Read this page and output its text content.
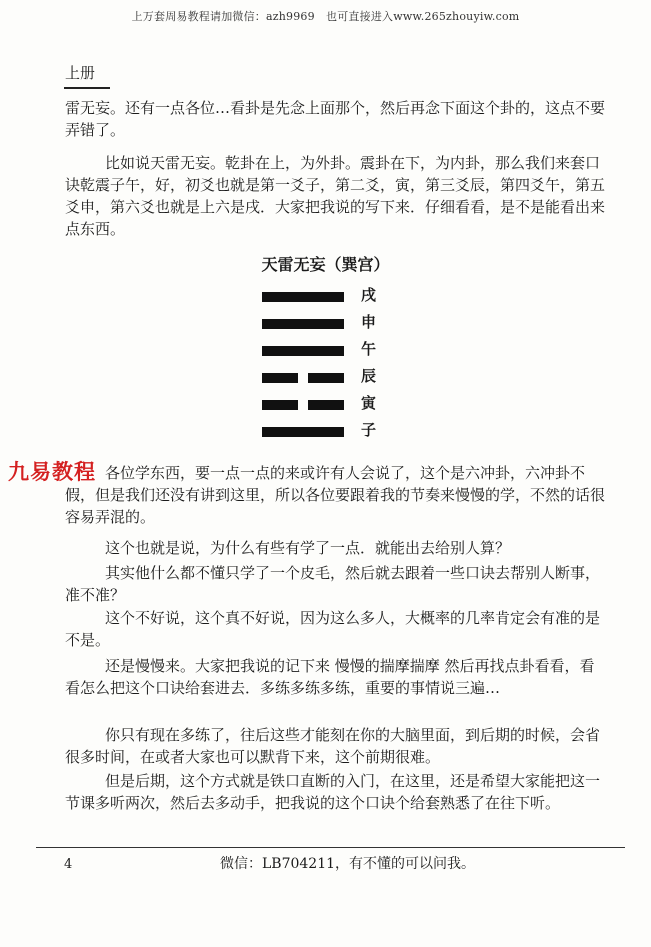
上万套周易教程请加微信：azh9969　也可直接进入www.265zhouyiw.com
上册

雷无妄。还有一点各位…看卦是先念上面那个，然后再念下面这个卦的，这点不要弄错了。

比如说天雷无妄。乾卦在上，为外卦。震卦在下，为内卦，那么我们来套口诀乾震子午，好，初爻也就是第一爻子，第二爻，寅，第三爻辰，第四爻午，第五爻申，第六爻也就是上六是戌．大家把我说的写下来．仔细看看，是不是能看出来点东西。

天雷无妄（巽宫）
戌
申
午
辰
寅
子

各位学东西，要一点一点的来或许有人会说了，这个是六冲卦，六冲卦不假，但是我们还没有讲到这里，所以各位要跟着我的节奏来慢慢的学，不然的话很容易弄混的。

九易教程

这个也就是说，为什么有些有学了一点．就能出去给别人算？

其实他什么都不懂只学了一个皮毛，然后就去跟着一些口诀去帮别人断事，准不准？

这个不好说，这个真不好说，因为这么多人，大概率的几率肯定会有准的是不是。

还是慢慢来。大家把我说的记下来 慢慢的揣摩揣摩 然后再找点卦看看，看看怎么把这个口诀给套进去．多练多练多练，重要的事情说三遍…

你只有现在多练了，往后这些才能刻在你的大脑里面，到后期的时候，会省很多时间，在或者大家也可以默背下来，这个前期很难。

但是后期，这个方式就是铁口直断的入门，在这里，还是希望大家能把这一节课多听两次，然后去多动手，把我说的这个口诀个给套熟悉了在往下听。

4	微信：LB704211，有不懂的可以问我。
